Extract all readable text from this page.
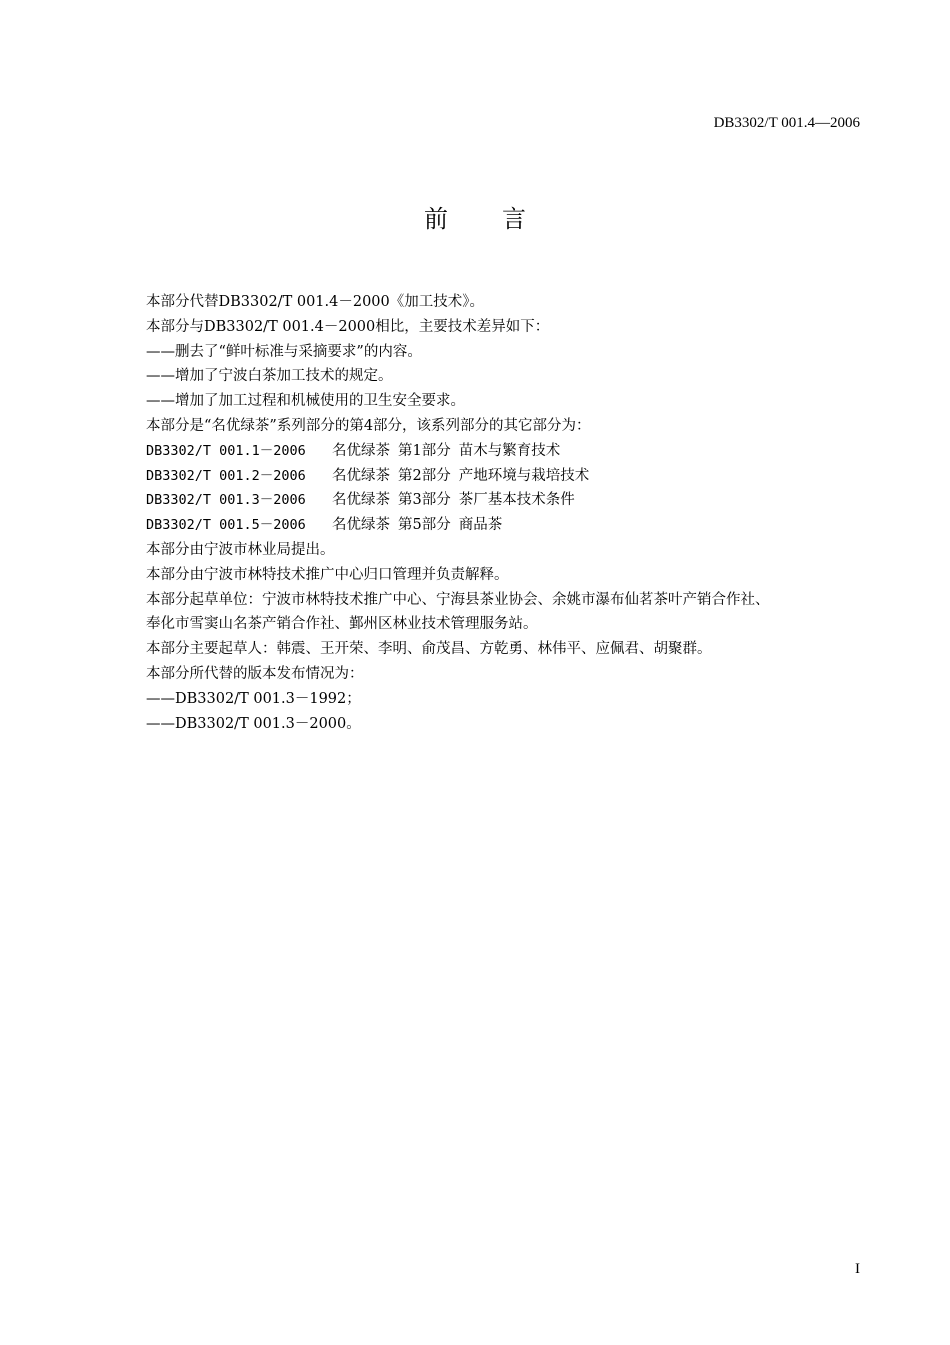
DB3302/T 001.4—2006
前言
本部分代替DB3302/T 001.4－2000《加工技术》。
本部分与DB3302/T 001.4－2000相比，主要技术差异如下：
——删去了“鲜叶标准与采摘要求”的内容。
——增加了宁波白茶加工技术的规定。
——增加了加工过程和机械使用的卫生安全要求。
本部分是“名优绿茶”系列部分的第4部分，该系列部分的其它部分为：
DB3302/T 001.1－2006 名优绿茶 第1部分 苗木与繁育技术
DB3302/T 001.2－2006 名优绿茶 第2部分 产地环境与栽培技术
DB3302/T 001.3－2006 名优绿茶 第3部分 茶厂基本技术条件
DB3302/T 001.5－2006 名优绿茶 第5部分 商品茶
本部分由宁波市林业局提出。
本部分由宁波市林特技术推广中心归口管理并负责解释。
本部分起草单位：宁波市林特技术推广中心、宁海县茶业协会、余姚市瀑布仙茗茶叶产销合作社、
奉化市雪窦山名茶产销合作社、鄞州区林业技术管理服务站。
本部分主要起草人：韩震、王开荣、李明、俞茂昌、方乾勇、林伟平、应佩君、胡聚群。
本部分所代替的版本发布情况为：
——DB3302/T 001.3－1992；
——DB3302/T 001.3－2000。
I
